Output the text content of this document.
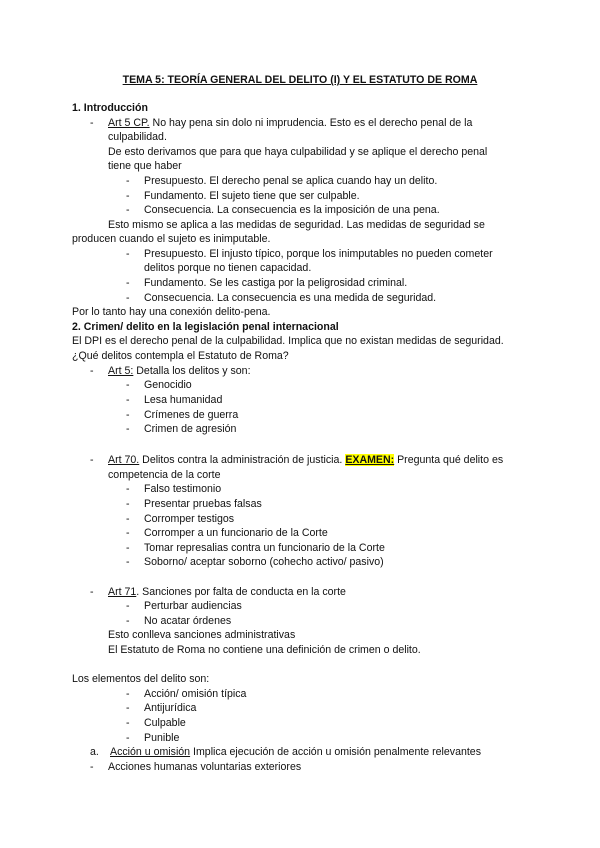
TEMA 5: TEORÍA GENERAL DEL DELITO (I) Y EL ESTATUTO DE ROMA
1. Introducción
- Art 5 CP. No hay pena sin dolo ni imprudencia. Esto es el derecho penal de la
culpabilidad.
De esto derivamos que para que haya culpabilidad y se aplique el derecho penal
tiene que haber
- Presupuesto. El derecho penal se aplica cuando hay un delito.
- Fundamento. El sujeto tiene que ser culpable.
- Consecuencia. La consecuencia es la imposición de una pena.
Esto mismo se aplica a las medidas de seguridad. Las medidas de seguridad se
producen cuando el sujeto es inimputable.
- Presupuesto. El injusto típico, porque los inimputables no pueden cometer
delitos porque no tienen capacidad.
- Fundamento. Se les castiga por la peligrosidad criminal.
- Consecuencia. La consecuencia es una medida de seguridad.
Por lo tanto hay una conexión delito-pena.
2. Crimen/ delito en la legislación penal internacional
El DPI es el derecho penal de la culpabilidad. Implica que no existan medidas de seguridad.
¿Qué delitos contempla el Estatuto de Roma?
- Art 5: Detalla los delitos y son:
- Genocidio
- Lesa humanidad
- Crímenes de guerra
- Crimen de agresión
- Art 70. Delitos contra la administración de justicia. EXAMEN: Pregunta qué delito es
competencia de la corte
- Falso testimonio
- Presentar pruebas falsas
- Corromper testigos
- Corromper a un funcionario de la Corte
- Tomar represalias contra un funcionario de la Corte
- Soborno/ aceptar soborno (cohecho activo/ pasivo)
- Art 71. Sanciones por falta de conducta en la corte
- Perturbar audiencias
- No acatar órdenes
Esto conlleva sanciones administrativas
El Estatuto de Roma no contiene una definición de crimen o delito.
Los elementos del delito son:
- Acción/ omisión típica
- Antijurídica
- Culpable
- Punible
a. Acción u omisión Implica ejecución de acción u omisión penalmente relevantes
- Acciones humanas voluntarias exteriores
